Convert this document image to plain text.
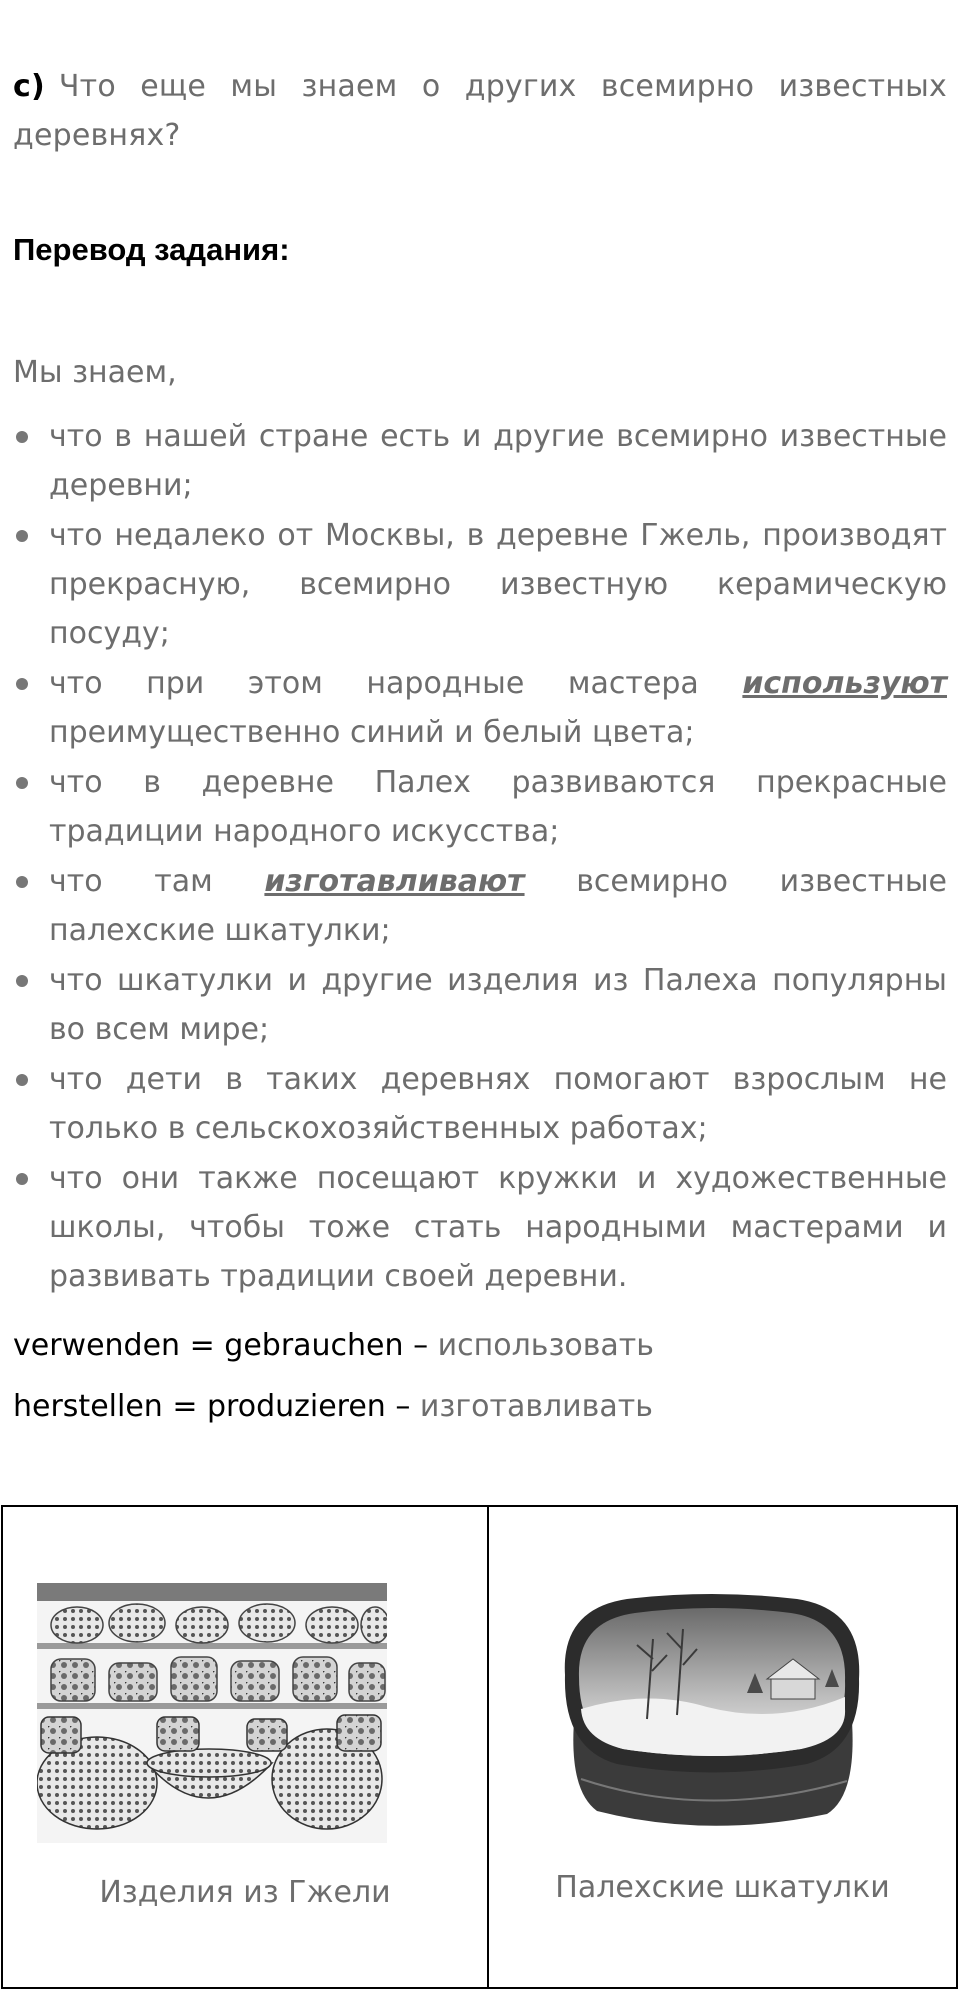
c) Что еще мы знаем о других всемирно известных деревнях?
Перевод задания:
Мы знаем,
что в нашей стране есть и другие всемирно известные деревни;
что недалеко от Москвы, в деревне Гжель, производят прекрасную, всемирно известную керамическую посуду;
что при этом народные мастера используют преимущественно синий и белый цвета;
что в деревне Палех развиваются прекрасные традиции народного искусства;
что там изготавливают всемирно известные палехские шкатулки;
что шкатулки и другие изделия из Палеха популярны во всем мире;
что дети в таких деревнях помогают взрослым не только в сельскохозяйственных работах;
что они также посещают кружки и художественные школы, чтобы тоже стать народными мастерами и развивать традиции своей деревни.
verwenden = gebrauchen – использовать
herstellen = produzieren – изготавливать
Изделия из Гжели	Палехские шкатулки
